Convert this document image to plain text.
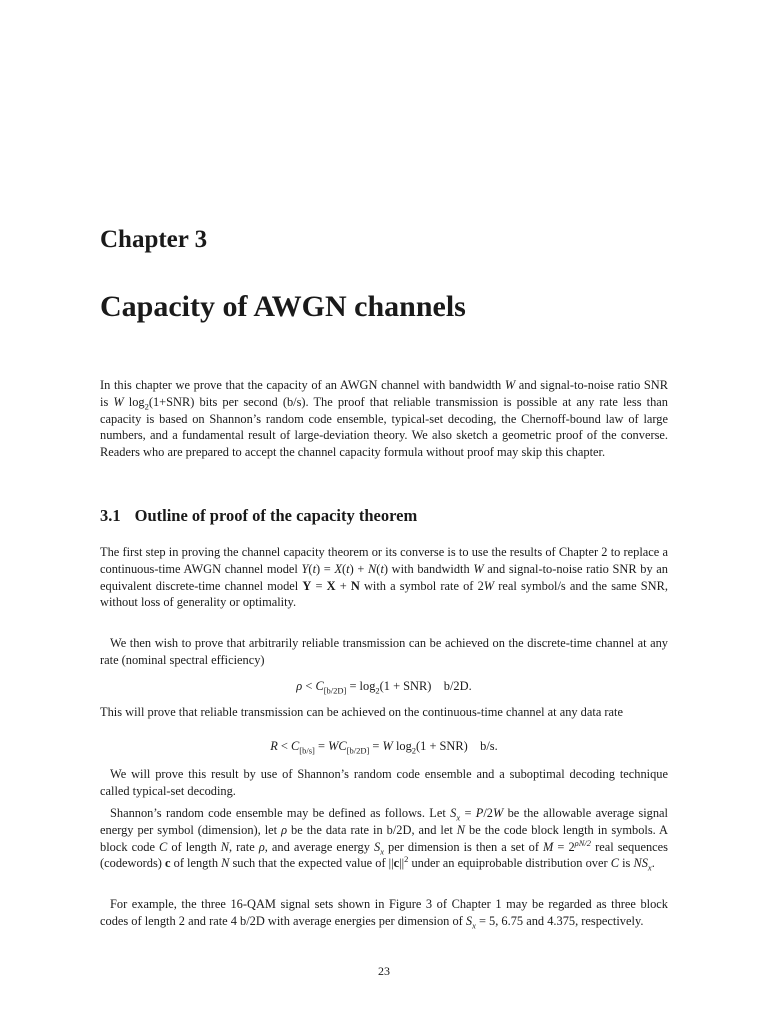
Chapter 3
Capacity of AWGN channels

In this chapter we prove that the capacity of an AWGN channel with bandwidth W and signal-to-noise ratio SNR is W $\log_2(1+SNR)$ bits per second (b/s). The proof that reliable transmission is possible at any rate less than capacity is based on Shannon’s random code ensemble, typical-set decoding, the Chernoff-bound law of large numbers, and a fundamental result of large-deviation theory. We also sketch a geometric proof of the converse. Readers who are prepared to accept the channel capacity formula without proof may skip this chapter.

3.1 Outline of proof of the capacity theorem

The first step in proving the channel capacity theorem or its converse is to use the results of Chapter 2 to replace a continuous-time AWGN channel model Y(t) = X(t) + N(t) with bandwidth W and signal-to-noise ratio SNR by an equivalent discrete-time channel model Y = X + N with a symbol rate of 2W real symbol/s and the same SNR, without loss of generality or optimality.

We then wish to prove that arbitrarily reliable transmission can be achieved on the discrete-time channel at any rate (nominal spectral efficiency)

$\rho < C_{[b/2D]} = \log_2(1 + SNR)$ b/2D.

This will prove that reliable transmission can be achieved on the continuous-time channel at any data rate

$R < C_{[b/s]} = WC_{[b/2D]} = W$ $\log_2(1 + SNR)$ b/s.

We will prove this result by use of Shannon’s random code ensemble and a suboptimal decoding technique called typical-set decoding.

Shannon’s random code ensemble may be defined as follows. Let $S_x = P/2W$ be the allowable average signal energy per symbol (dimension), let ρ be the data rate in b/2D, and let N be the code block length in symbols. A block code C of length N, rate ρ, and average energy $S_x$ per dimension is then a set of $M = 2^{\rho N/2}$ real sequences (codewords) c of length N such that the expected value of $||c||^2$ under an equiprobable distribution over C is $NS_x$.

For example, the three 16-QAM signal sets shown in Figure 3 of Chapter 1 may be regarded as three block codes of length 2 and rate 4 b/2D with average energies per dimension of $S_x = 5$, 6.75 and 4.375, respectively.

23
